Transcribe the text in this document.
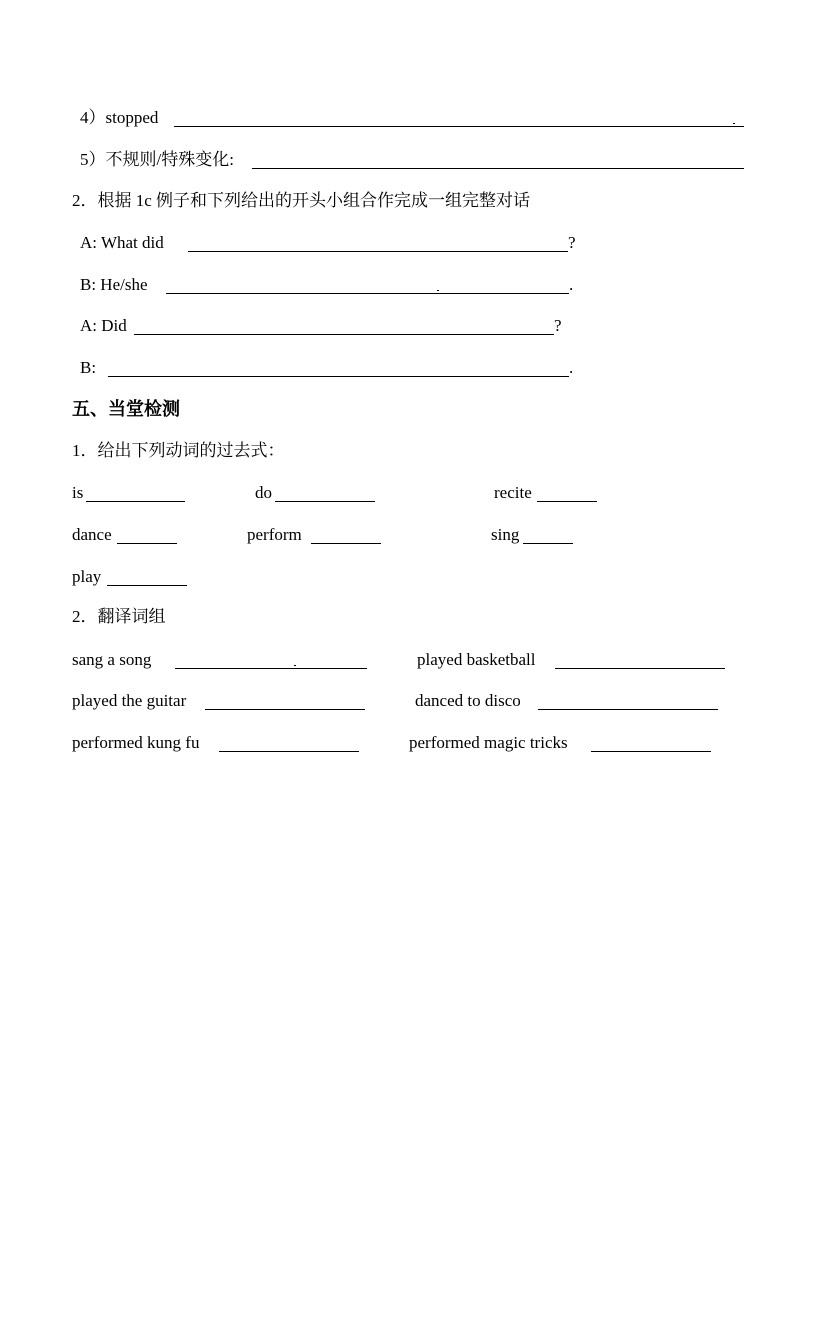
4）stopped
5）不规则/特殊变化:
2．根据 1c 例子和下列给出的开头小组合作完成一组完整对话
A: What did	?
B: He/she	.
A: Did	?
B:	.
五、当堂检测
1．给出下列动词的过去式：
is	do	recite
dance	perform	sing
play
2．翻译词组
sang a song	played basketball
played the guitar	danced to disco
performed kung fu	performed magic tricks
